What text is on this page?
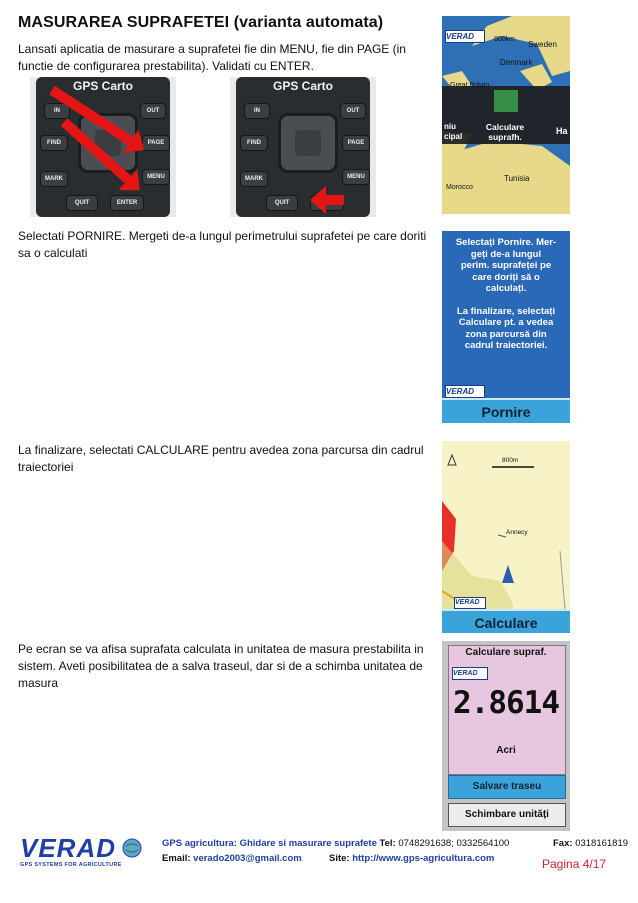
MASURAREA SUPRAFETEI (varianta automata)
Lansati aplicatia de masurare a suprafetei fie din MENU, fie din PAGE (in functie de configurarea prestabilita). Validati cu ENTER.
Selectati PORNIRE. Mergeti de-a lungul perimetrului suprafetei pe care doriti sa o calculati
La finalizare, selectati CALCULARE pentru avedea zona parcursa din cadrul traiectoriei
Pe ecran se va afisa suprafata calculata in unitatea de masura prestabilita in sistem. Aveti posibilitatea de a salva traseul, dar si de a schimba unitatea de masura
GPS Carto
IN	OUT
FIND	PAGE
MARK	MENU
QUIT	ENTER
GPS Carto
IN	OUT
FIND	PAGE
MARK	MENU
QUIT
VERAD	800km
Sweden
Denmark
Great Britain
niu
cipal
Calculare
suprafh.
Ha
Morocco
Tunisia
Selectați Pornire. Mer-
geți de-a lungul
perim. suprafeței pe
care doriți să o
calculați.
La finalizare, selectați
Calculare pt. a vedea
zona parcursă din
cadrul traiectoriei.
VERAD
Pornire
800m
Annecy
VERAD
Calculare
Calculare supraf.
VERAD
2.8614
Acri
Salvare traseu
Schimbare unități
VERAD
GPS SYSTEMS FOR AGRICULTURE
GPS agricultura: Ghidare si masurare suprafete Tel: 0748291638; 0332564100	Fax: 0318161819
Email: verado2003@gmail.com	Site: http://www.gps-agricultura.com	Pagina 4/17
